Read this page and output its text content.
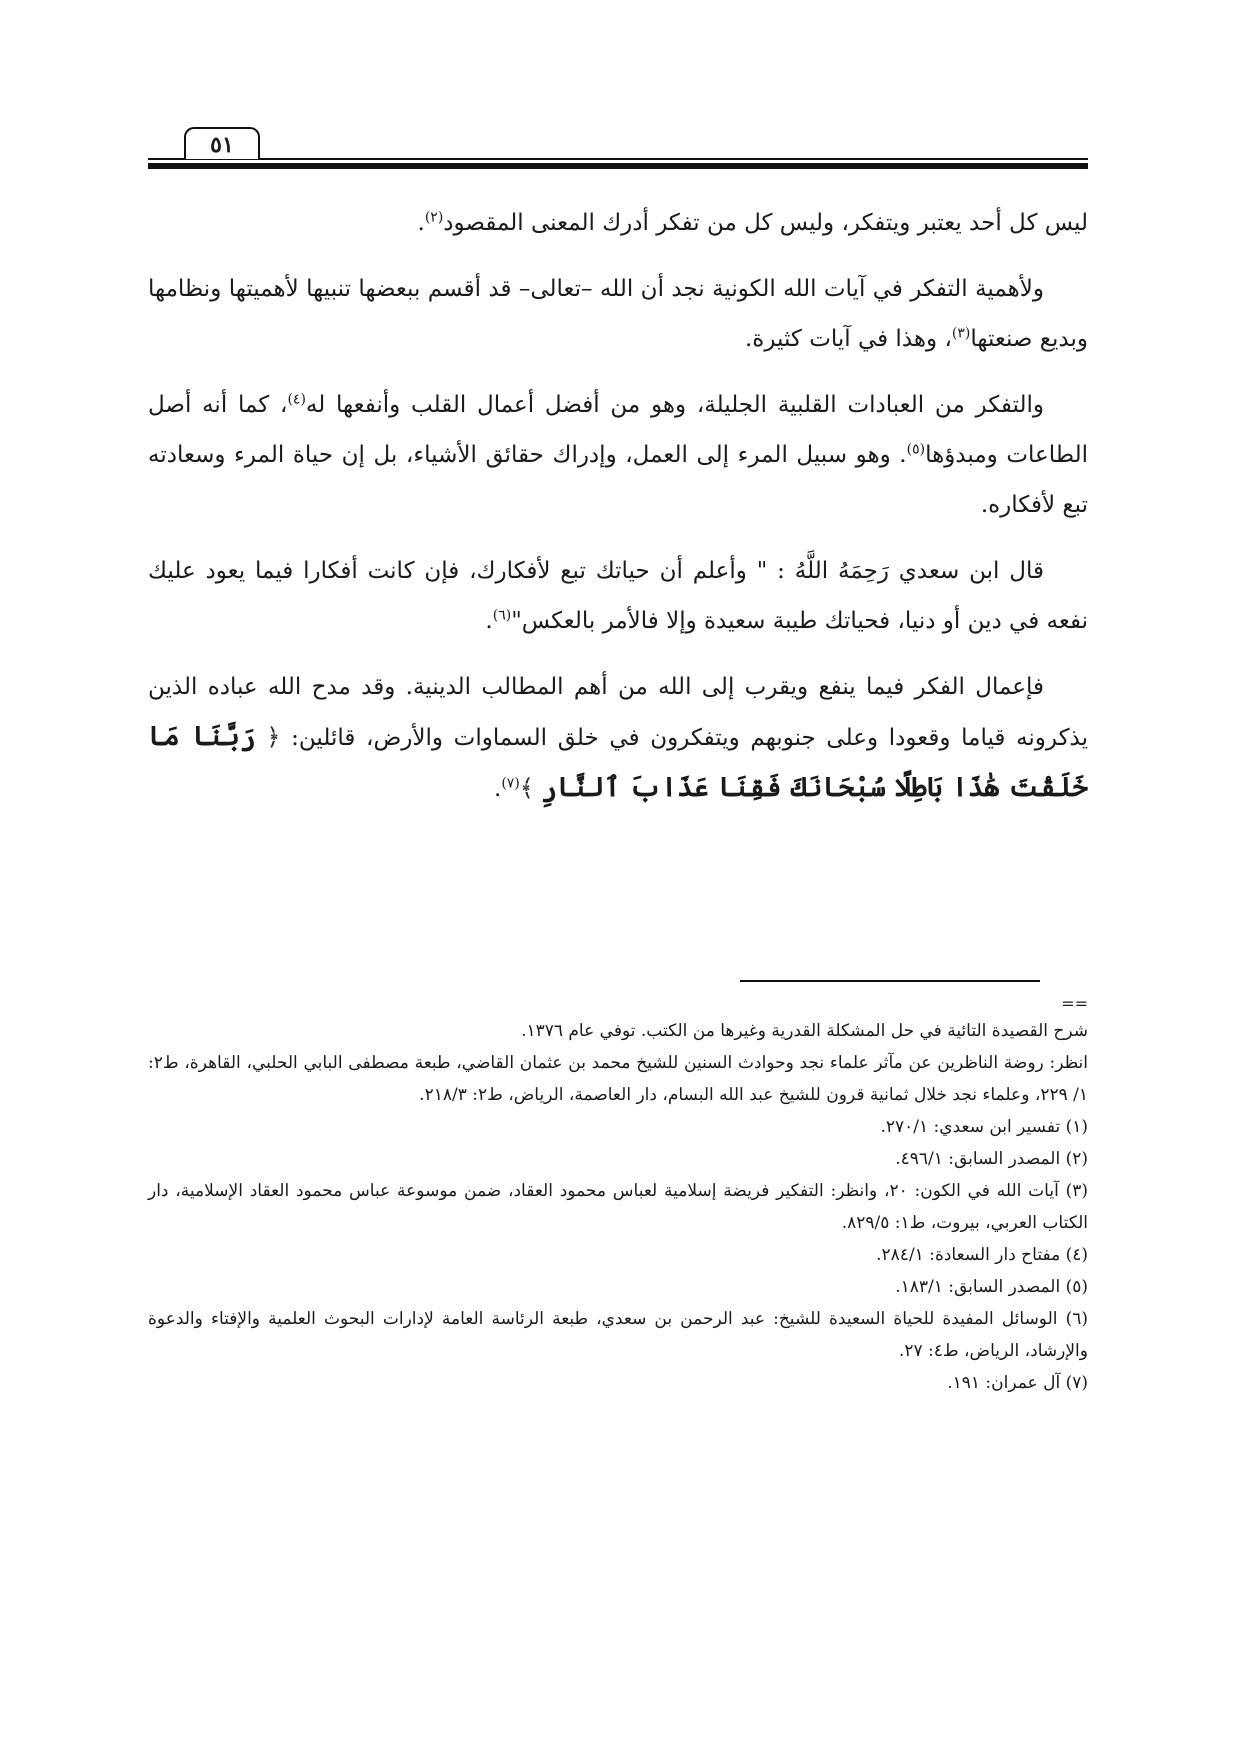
٥١

ليس كل أحد يعتبر ويتفكر، وليس كل من تفكر أدرك المعنى المقصود$^{(٢)}$.

ولأهمية التفكر في آيات الله الكونية نجد أن الله –تعالى– قد أقسم ببعضها تنبيها لأهميتها ونظامها وبديع صنعتها$^{(٣)}$، وهذا في آيات كثيرة.

والتفكر من العبادات القلبية الجليلة، وهو من أفضل أعمال القلب وأنفعها له$^{(٤)}$، كما أنه أصل الطاعات ومبدؤها$^{(٥)}$. وهو سبيل المرء إلى العمل، وإدراك حقائق الأشياء، بل إن حياة المرء وسعادته تبع لأفكاره.

قال ابن سعدي رَحِمَهُ اللَّهُ : " وأعلم أن حياتك تبع لأفكارك، فإن كانت أفكارا فيما يعود عليك نفعه في دين أو دنيا، فحياتك طيبة سعيدة وإلا فالأمر بالعكس"$^{(٦)}$.

فإعمال الفكر فيما ينفع ويقرب إلى الله من أهم المطالب الدينية. وقد مدح الله عباده الذين يذكرونه قياما وقعودا وعلى جنوبهم ويتفكرون في خلق السماوات والأرض، قائلين: ﴿ رَبَّنَا مَا خَلَقْتَ هَٰذَا بَاطِلًا سُبْحَانَكَ فَقِنَا عَذَابَ ٱلنَّارِ ﴾$^{(٧)}$.

==

شرح القصيدة التائية في حل المشكلة القدرية وغيرها من الكتب. توفي عام ١٣٧٦.

انظر: روضة الناظرين عن مآثر علماء نجد وحوادث السنين للشيخ محمد بن عثمان القاضي، طبعة مصطفى البابي الحلبي، القاهرة، ط٢: ١/ ٢٢٩، وعلماء نجد خلال ثمانية قرون للشيخ عبد الله البسام، دار العاصمة، الرياض، ط٢: ٢١٨/٣.

(١) تفسير ابن سعدي: ٢٧٠/١.

(٢) المصدر السابق: ٤٩٦/١.

(٣) آيات الله في الكون: ٢٠، وانظر: التفكير فريضة إسلامية لعباس محمود العقاد، ضمن موسوعة عباس محمود العقاد الإسلامية، دار الكتاب العربي، بيروت، ط١: ٨٢٩/٥.

(٤) مفتاح دار السعادة: ٢٨٤/١.

(٥) المصدر السابق: ١٨٣/١.

(٦) الوسائل المفيدة للحياة السعيدة للشيخ: عبد الرحمن بن سعدي، طبعة الرئاسة العامة لإدارات البحوث العلمية والإفتاء والدعوة والإرشاد، الرياض، ط٤: ٢٧.

(٧) آل عمران: ١٩١.
